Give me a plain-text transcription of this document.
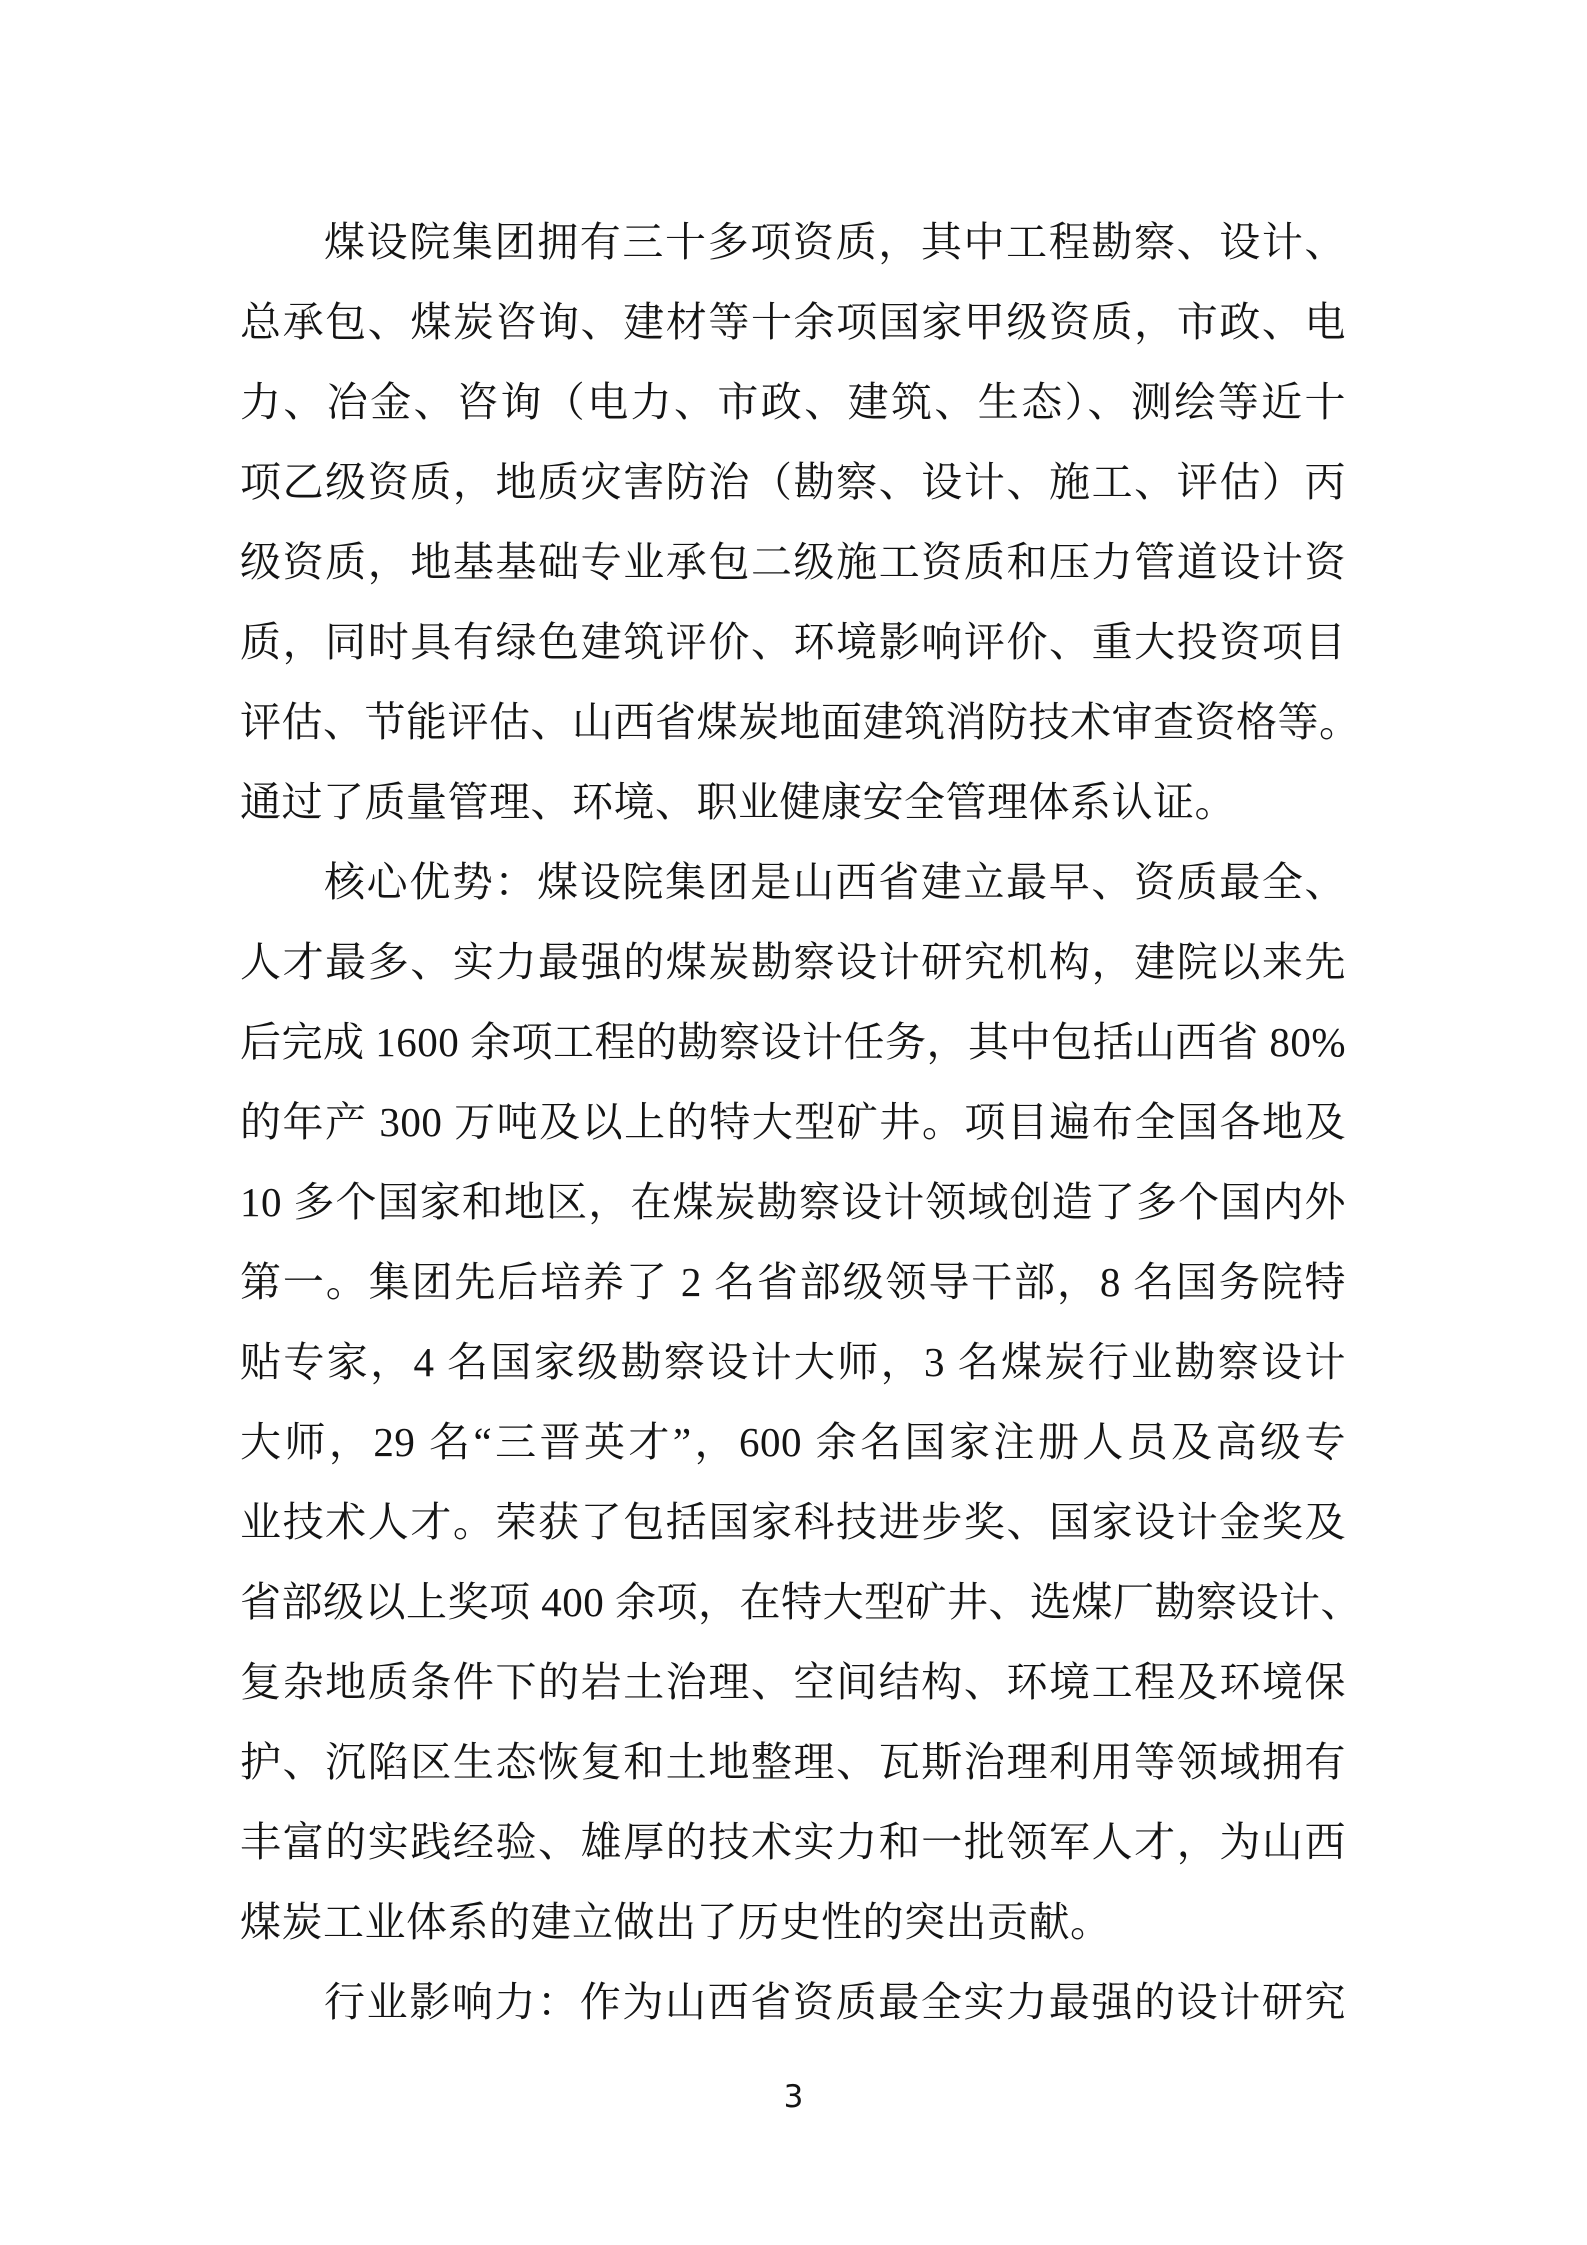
煤设院集团拥有三十多项资质，其中工程勘察、设计、
总承包、煤炭咨询、建材等十余项国家甲级资质，市政、电
力、冶金、咨询（电力、市政、建筑、生态）、测绘等近十
项乙级资质，地质灾害防治（勘察、设计、施工、评估）丙
级资质，地基基础专业承包二级施工资质和压力管道设计资
质，同时具有绿色建筑评价、环境影响评价、重大投资项目
评估、节能评估、山西省煤炭地面建筑消防技术审查资格等。
通过了质量管理、环境、职业健康安全管理体系认证。
核心优势：煤设院集团是山西省建立最早、资质最全、
人才最多、实力最强的煤炭勘察设计研究机构，建院以来先
后完成 1600 余项工程的勘察设计任务，其中包括山西省 80%
的年产 300 万吨及以上的特大型矿井。项目遍布全国各地及
10 多个国家和地区，在煤炭勘察设计领域创造了多个国内外
第一。集团先后培养了 2 名省部级领导干部，8 名国务院特
贴专家，4 名国家级勘察设计大师，3 名煤炭行业勘察设计
大师，29 名“三晋英才”，600 余名国家注册人员及高级专
业技术人才。荣获了包括国家科技进步奖、国家设计金奖及
省部级以上奖项 400 余项，在特大型矿井、选煤厂勘察设计、
复杂地质条件下的岩土治理、空间结构、环境工程及环境保
护、沉陷区生态恢复和土地整理、瓦斯治理利用等领域拥有
丰富的实践经验、雄厚的技术实力和一批领军人才，为山西
煤炭工业体系的建立做出了历史性的突出贡献。
行业影响力：作为山西省资质最全实力最强的设计研究
3
